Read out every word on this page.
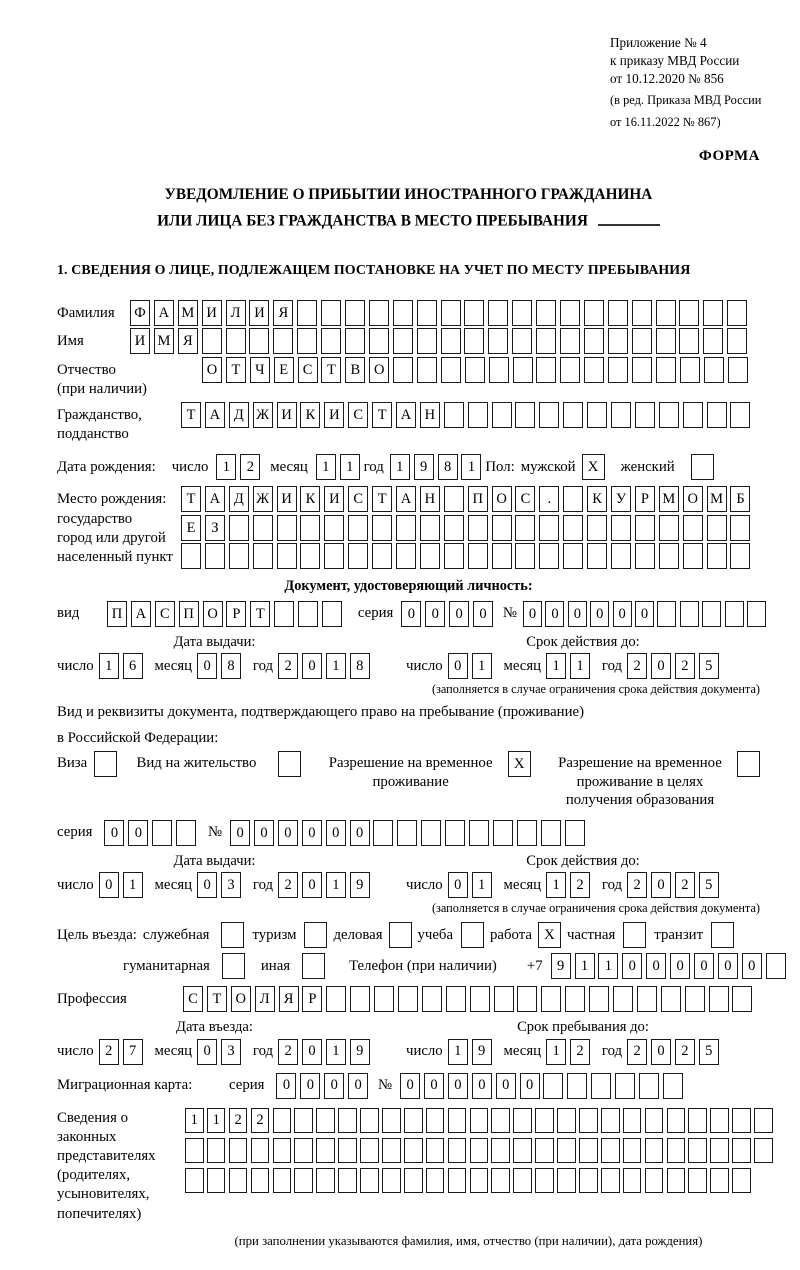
Приложение № 4
к приказу МВД России
от 10.12.2020 № 856
(в ред. Приказа МВД России
от 16.11.2022 № 867)
ФОРМА
УВЕДОМЛЕНИЕ О ПРИБЫТИИ ИНОСТРАННОГО ГРАЖДАНИНА
ИЛИ ЛИЦА БЕЗ ГРАЖДАНСТВА В МЕСТО ПРЕБЫВАНИЯ
1. СВЕДЕНИЯ О ЛИЦЕ, ПОДЛЕЖАЩЕМ ПОСТАНОВКЕ НА УЧЕТ ПО МЕСТУ ПРЕБЫВАНИЯ
Фамилия	Ф А М И Л И Я
Имя	И М Я
Отчество
(при наличии)
О Т	Ч	Е	С	Т	В О
Гражданство,
подданство
Т А Д Ж И К И С	Т А Н
Дата рождения: число 1	2	месяц 1	1 год 1	9	8	1 Пол: мужской X	женский
Место рождения:
государство
город или другой
населенный пункт
Т А Д Ж И К И С	Т А Н	П О С	.	К У	Р М О М Б
Е	З
Документ, удостоверяющий личность:
вид	П А С П О	Р	Т	серия 0	0	0	0	№ 0	0	0	0	0	0
Дата выдачи:
число 1	6	месяц 0	8	год 2	0	1	8
Срок действия до:
число 0	1	месяц 1	1	год 2	0	2	5
(заполняется в случае ограничения срока действия документа)
Вид и реквизиты документа, подтверждающего право на пребывание (проживание)
в Российской Федерации:
Виза	Вид на жительство	Разрешение на временное проживание
X	Разрешение на временное проживание в целях получения образования
серия	0	0	№ 0	0	0	0	0	0
Дата выдачи:
число 0	1	месяц 0	3	год 2	0	1	9
Срок действия до:
число 0	1	месяц 1	2	год 2	0	2	5
(заполняется в случае ограничения срока действия документа)
Цель въезда: служебная	туризм	деловая учеба	работа X частная	транзит
гуманитарная	иная	Телефон (при наличии) +7 9	1	1	0	0	0	0	0	0
Профессия	С	Т О Л Я	Р
Дата въезда:
число 2	7	месяц 0	3	год 2	0	1	9
Срок пребывания до:
число 1	9	месяц 1	2	год 2	0	2	5
Миграционная карта:	серия	0	0	0	0	№ 0	0	0	0	0	0
Сведения о
законных
представителях
(родителях,
усыновителях,
попечителях)
1	1	2	2
(при заполнении указываются фамилия, имя, отчество (при наличии), дата рождения)
